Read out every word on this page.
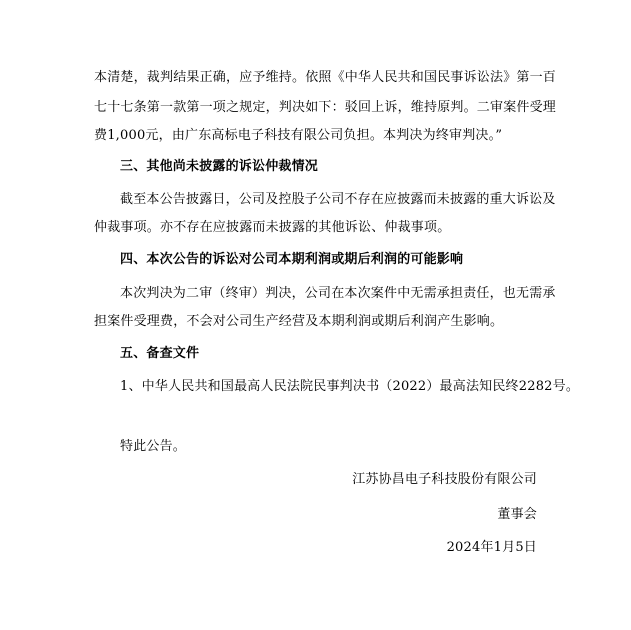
本清楚，裁判结果正确，应予维持。依照《中华人民共和国民事诉讼法》第一百
七十七条第一款第一项之规定，判决如下：驳回上诉，维持原判。二审案件受理
费1,000元，由广东高标电子科技有限公司负担。本判决为终审判决。”
三、其他尚未披露的诉讼仲裁情况
截至本公告披露日，公司及控股子公司不存在应披露而未披露的重大诉讼及
仲裁事项。亦不存在应披露而未披露的其他诉讼、仲裁事项。
四、本次公告的诉讼对公司本期利润或期后利润的可能影响
本次判决为二审（终审）判决，公司在本次案件中无需承担责任，也无需承
担案件受理费，不会对公司生产经营及本期利润或期后利润产生影响。
五、备查文件
1、中华人民共和国最高人民法院民事判决书（2022）最高法知民终2282号。
特此公告。
江苏协昌电子科技股份有限公司
董事会
2024年1月5日
